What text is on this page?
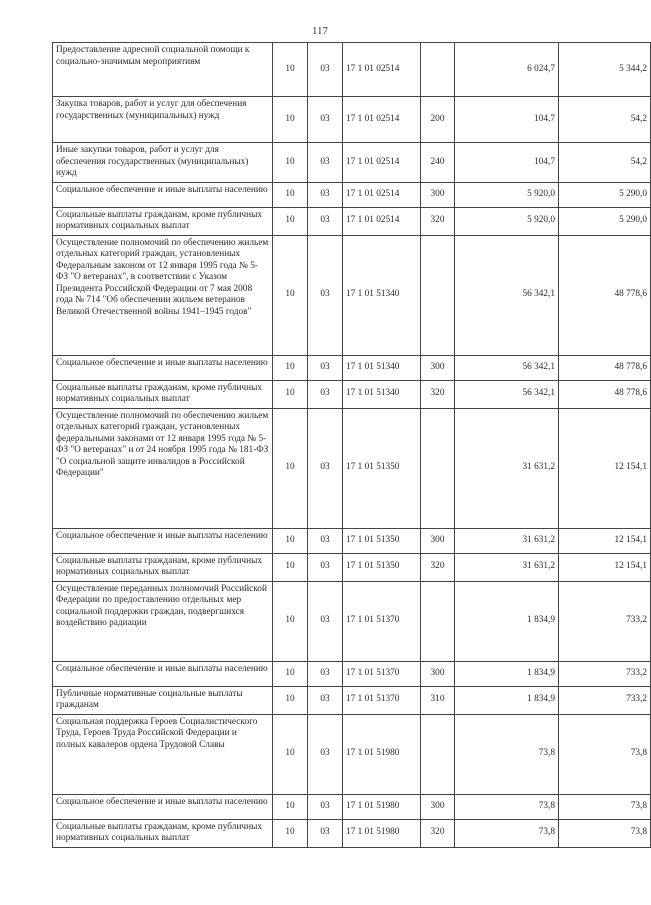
117
Предоставление адресной социальной помощи к социально-значимым мероприятиям	10	03	17 1 01 02514		6 024,7	5 344,2
Закупка товаров, работ и услуг для обеспечения государственных (муниципальных) нужд	10	03	17 1 01 02514	200	104,7	54,2
Иные закупки товаров, работ и услуг для обеспечения государственных (муниципальных) нужд	10	03	17 1 01 02514	240	104,7	54,2
Социальное обеспечение и иные выплаты населению	10	03	17 1 01 02514	300	5 920,0	5 290,0
Социальные выплаты гражданам, кроме публичных нормативных социальных выплат	10	03	17 1 01 02514	320	5 920,0	5 290,0
Осуществление полномочий по обеспечению жильем отдельных категорий граждан, установленных Федеральным законом от 12 января 1995 года № 5-ФЗ "О ветеранах", в соответствии с Указом Президента Российской Федерации от 7 мая 2008 года № 714 "Об обеспечении жильем ветеранов Великой Отечественной войны 1941–1945 годов"	10	03	17 1 01 51340		56 342,1	48 778,6
Социальное обеспечение и иные выплаты населению	10	03	17 1 01 51340	300	56 342,1	48 778,6
Социальные выплаты гражданам, кроме публичных нормативных социальных выплат	10	03	17 1 01 51340	320	56 342,1	48 778,6
Осуществление полномочий по обеспечению жильем отдельных категорий граждан, установленных федеральными законами от 12 января 1995 года № 5-ФЗ "О ветеранах" и от 24 ноября 1995 года № 181-ФЗ "О социальной защите инвалидов в Российской Федерации"	10	03	17 1 01 51350		31 631,2	12 154,1
Социальное обеспечение и иные выплаты населению	10	03	17 1 01 51350	300	31 631,2	12 154,1
Социальные выплаты гражданам, кроме публичных нормативных социальных выплат	10	03	17 1 01 51350	320	31 631,2	12 154,1
Осуществление переданных полномочий Российской Федерации по предоставлению отдельных мер социальной поддержки граждан, подвергшихся воздействию радиации	10	03	17 1 01 51370		1 834,9	733,2
Социальное обеспечение и иные выплаты населению	10	03	17 1 01 51370	300	1 834,9	733,2
Публичные нормативные социальные выплаты гражданам	10	03	17 1 01 51370	310	1 834,9	733,2
Социальная поддержка Героев Социалистического Труда, Героев Труда Российской Федерации и полных кавалеров ордена Трудовой Славы	10	03	17 1 01 51980		73,8	73,8
Социальное обеспечение и иные выплаты населению	10	03	17 1 01 51980	300	73,8	73,8
Социальные выплаты гражданам, кроме публичных нормативных социальных выплат	10	03	17 1 01 51980	320	73,8	73,8
